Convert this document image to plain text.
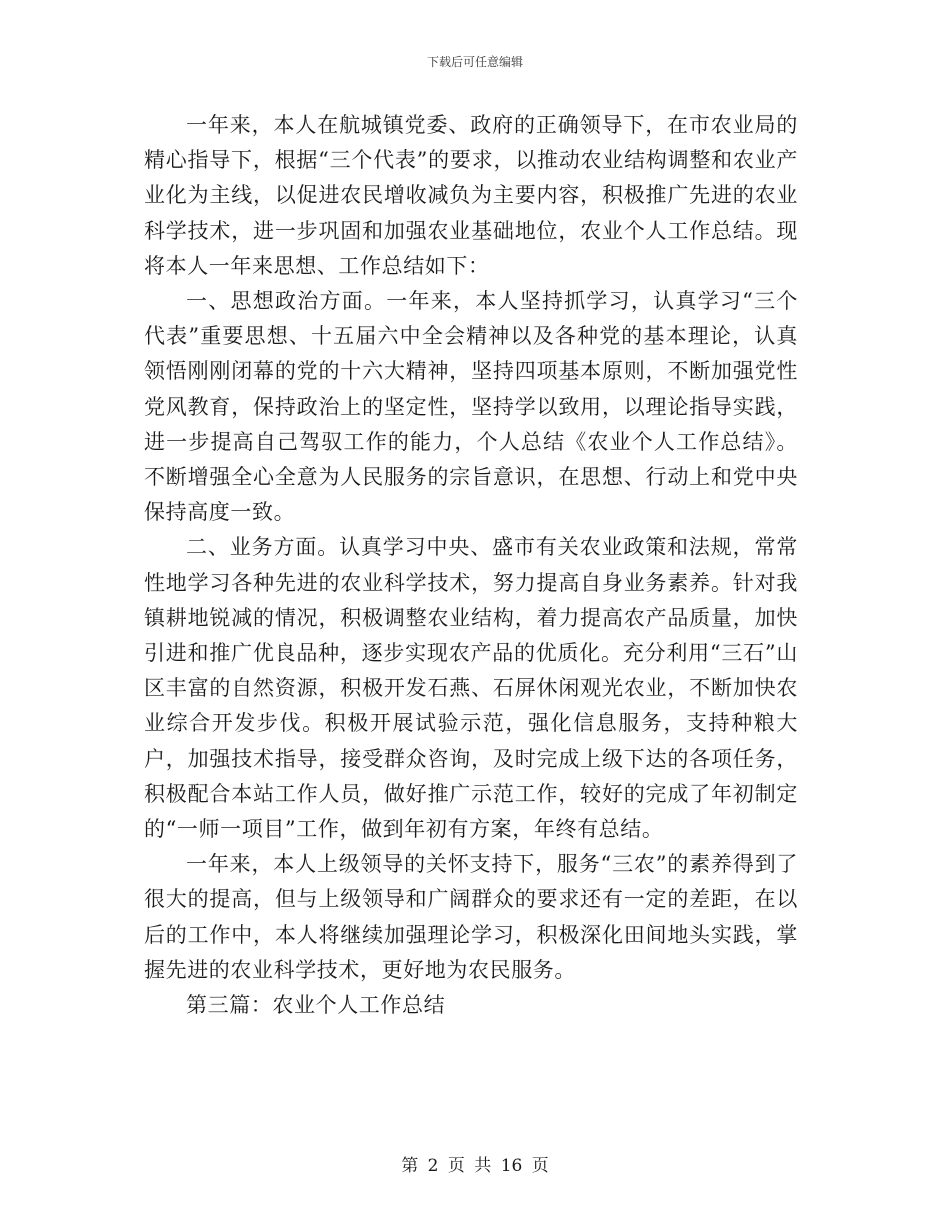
下载后可任意编辑

一年来，本人在航城镇党委、政府的正确领导下，在市农业局的精心指导下，根据“三个代表”的要求，以推动农业结构调整和农业产业化为主线，以促进农民增收减负为主要内容，积极推广先进的农业科学技术，进一步巩固和加强农业基础地位，农业个人工作总结。现将本人一年来思想、工作总结如下：

一、思想政治方面。一年来，本人坚持抓学习，认真学习“三个代表”重要思想、十五届六中全会精神以及各种党的基本理论，认真领悟刚刚闭幕的党的十六大精神，坚持四项基本原则，不断加强党性党风教育，保持政治上的坚定性，坚持学以致用，以理论指导实践，进一步提高自己驾驭工作的能力，个人总结《农业个人工作总结》。不断增强全心全意为人民服务的宗旨意识，在思想、行动上和党中央保持高度一致。

二、业务方面。认真学习中央、盛市有关农业政策和法规，常常性地学习各种先进的农业科学技术，努力提高自身业务素养。针对我镇耕地锐减的情况，积极调整农业结构，着力提高农产品质量，加快引进和推广优良品种，逐步实现农产品的优质化。充分利用“三石”山区丰富的自然资源，积极开发石燕、石屏休闲观光农业，不断加快农业综合开发步伐。积极开展试验示范，强化信息服务，支持种粮大户，加强技术指导，接受群众咨询，及时完成上级下达的各项任务，积极配合本站工作人员，做好推广示范工作，较好的完成了年初制定的“一师一项目”工作，做到年初有方案，年终有总结。

一年来，本人上级领导的关怀支持下，服务“三农”的素养得到了很大的提高，但与上级领导和广阔群众的要求还有一定的差距，在以后的工作中，本人将继续加强理论学习，积极深化田间地头实践，掌握先进的农业科学技术，更好地为农民服务。

第三篇：农业个人工作总结

第 2 页 共 16 页
